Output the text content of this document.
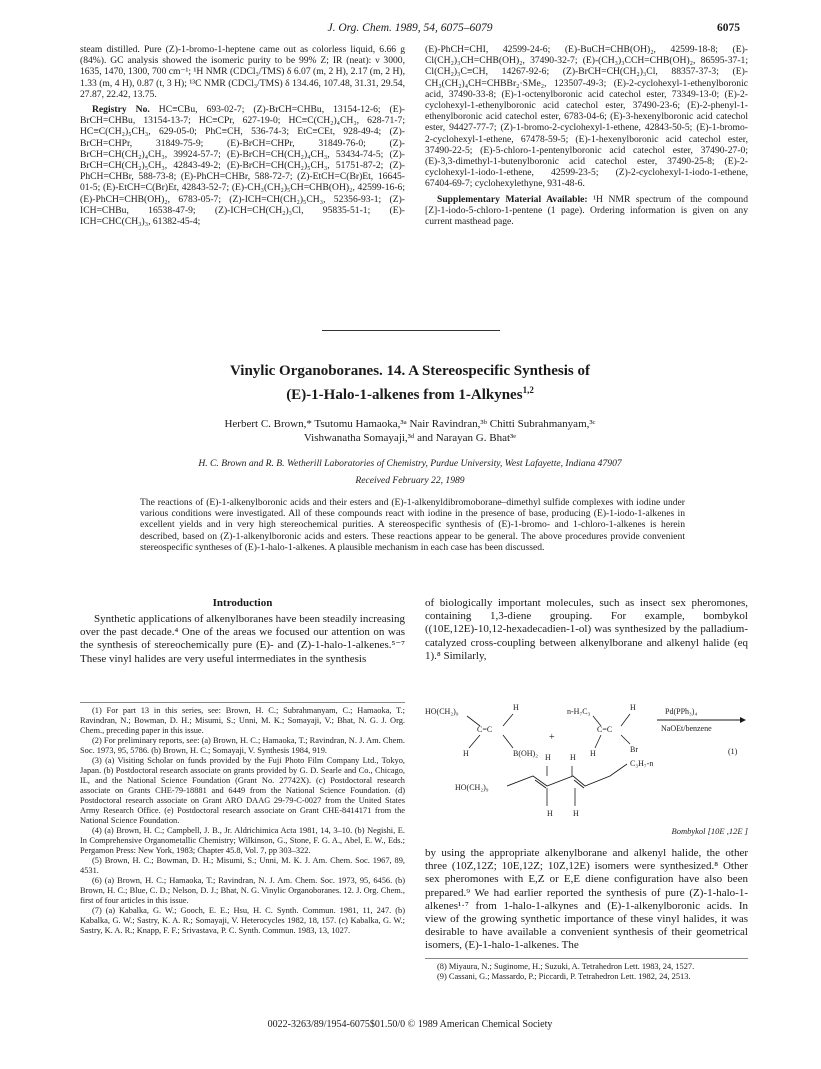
J. Org. Chem. 1989, 54, 6075–6079	6075

steam distilled. Pure (Z)-1-bromo-1-heptene came out as colorless liquid, 6.66 g (84%). GC analysis showed the isomeric purity to be 99% Z; IR (neat): ν 3000, 1635, 1470, 1300, 700 cm⁻¹; ¹H NMR (CDCl₃/TMS) δ 6.07 (m, 2 H), 2.17 (m, 2 H), 1.33 (m, 4 H), 0.87 (t, 3 H); ¹³C NMR (CDCl₃/TMS) δ 134.46, 107.48, 31.31, 29.54, 27.87, 22.42, 13.75.

Registry No. HC≡CBu, 693-02-7; (Z)-BrCH=CHBu, 13154-12-6; (E)-BrCH=CHBu, 13154-13-7; HC≡CPr, 627-19-0; HC≡C(CH₂)₄CH₃, 628-71-7; HC≡C(CH₂)₅CH₃, 629-05-0; PhC≡CH, 536-74-3; EtC≡CEt, 928-49-4; (Z)-BrCH=CHPr, 31849-75-9; (E)-BrCH=CHPr, 31849-76-0; (Z)-BrCH=CH(CH₂)₄CH₃, 39924-57-7; (E)-BrCH=CH(CH₂)₄CH₃, 53434-74-5; (Z)-BrCH=CH(CH₂)₅CH₃, 42843-49-2; (E)-BrCH=CH(CH₂)₅CH₃, 51751-87-2; (Z)-PhCH=CHBr, 588-73-8; (E)-PhCH=CHBr, 588-72-7; (Z)-EtCH=C(Br)Et, 16645-01-5; (E)-EtCH=C(Br)Et, 42843-52-7; (E)-CH₃(CH₂)₅CH=CHB(OH)₂, 42599-16-6; (E)-PhCH=CHB(OH)₂, 6783-05-7; (Z)-ICH=CH(CH₂)₅CH₃, 52356-93-1; (Z)-ICH=CHBu, 16538-47-9; (Z)-ICH=CH(CH₂)₃Cl, 95835-51-1; (E)-ICH=CHC(CH₃)₃, 61382-45-4;

(E)-PhCH=CHI, 42599-24-6; (E)-BuCH=CHB(OH)₂, 42599-18-8; (E)-Cl(CH₂)₃CH=CHB(OH)₂, 37490-32-7; (E)-(CH₃)₃CCH=CHB(OH)₂, 86595-37-1; Cl(CH₂)₃C≡CH, 14267-92-6; (Z)-BrCH=CH(CH₂)₃Cl, 88357-37-3; (E)-CH₃(CH₂)₄CH=CHBBr₂·SMe₂, 123507-49-3; (E)-2-cyclohexyl-1-ethenylboronic acid, 37490-33-8; (E)-1-octenylboronic acid catechol ester, 73349-13-0; (E)-2-cyclohexyl-1-ethenylboronic acid catechol ester, 37490-23-6; (E)-2-phenyl-1-ethenylboronic acid catechol ester, 6783-04-6; (E)-3-hexenylboronic acid catechol ester, 94427-77-7; (Z)-1-bromo-2-cyclohexyl-1-ethene, 42843-50-5; (E)-1-bromo-2-cyclohexyl-1-ethene, 67478-59-5; (E)-1-hexenylboronic acid catechol ester, 37490-22-5; (E)-5-chloro-1-pentenylboronic acid catechol ester, 37490-27-0; (E)-3,3-dimethyl-1-butenylboronic acid catechol ester, 37490-25-8; (E)-2-cyclohexyl-1-iodo-1-ethene, 42599-23-5; (Z)-2-cyclohexyl-1-iodo-1-ethene, 67404-69-7; cyclohexylethyne, 931-48-6.

Supplementary Material Available: ¹H NMR spectrum of the compound [Z]-1-iodo-5-chloro-1-pentene (1 page). Ordering information is given on any current masthead page.

Vinylic Organoboranes. 14. A Stereospecific Synthesis of
(E)-1-Halo-1-alkenes from 1-Alkynes$^{1,2}$
Herbert C. Brown,* Tsutomu Hamaoka,³ᵃ Nair Ravindran,³ᵇ Chitti Subrahmanyam,³ᶜ
Vishwanatha Somayaji,³ᵈ and Narayan G. Bhat³ᵉ
H. C. Brown and R. B. Wetherill Laboratories of Chemistry, Purdue University, West Lafayette, Indiana 47907
Received February 22, 1989
The reactions of (E)-1-alkenylboronic acids and their esters and (E)-1-alkenyldibromoborane–dimethyl sulfide complexes with iodine under various conditions were investigated. All of these compounds react with iodine in the presence of base, producing (E)-1-iodo-1-alkenes in excellent yields and in very high stereochemical purities. A stereospecific synthesis of (E)-1-bromo- and 1-chloro-1-alkenes is herein described, based on (Z)-1-alkenylboronic acids and esters. These reactions appear to be general. The above procedures provide convenient stereospecific syntheses of (E)-1-halo-1-alkenes. A plausible mechanism in each case has been discussed.
Introduction

Synthetic applications of alkenylboranes have been steadily increasing over the past decade.⁴ One of the areas we focused our attention on was the synthesis of stereochemically pure (E)- and (Z)-1-halo-1-alkenes.⁵⁻⁷ These vinyl halides are very useful intermediates in the synthesis

(1) For part 13 in this series, see: Brown, H. C.; Subrahmanyam, C.; Hamaoka, T.; Ravindran, N.; Bowman, D. H.; Misumi, S.; Unni, M. K.; Somayaji, V.; Bhat, N. G. J. Org. Chem., preceding paper in this issue.

(2) For preliminary reports, see: (a) Brown, H. C.; Hamaoka, T.; Ravindran, N. J. Am. Chem. Soc. 1973, 95, 5786. (b) Brown, H. C.; Somayaji, V. Synthesis 1984, 919.

(3) (a) Visiting Scholar on funds provided by the Fuji Photo Film Company Ltd., Tokyo, Japan. (b) Postdoctoral research associate on grants provided by G. D. Searle and Co., Chicago, IL, and the National Science Foundation (Grant No. 27742X). (c) Postdoctoral research associate on Grants CHE-79-18881 and 6449 from the National Science Foundation. (d) Postdoctoral research associate on Grant ARO DAAG 29-79-C-0027 from the United States Army Research Office. (e) Postdoctoral research associate on Grant CHE-8414171 from the National Science Foundation.

(4) (a) Brown, H. C.; Campbell, J. B., Jr. Aldrichimica Acta 1981, 14, 3–10. (b) Negishi, E. In Comprehensive Organometallic Chemistry; Wilkinson, G., Stone, F. G. A., Abel, E. W., Eds.; Pergamon Press: New York, 1983; Chapter 45.8, Vol. 7, pp 303–322.

(5) Brown, H. C.; Bowman, D. H.; Misumi, S.; Unni, M. K. J. Am. Chem. Soc. 1967, 89, 4531.

(6) (a) Brown, H. C.; Hamaoka, T.; Ravindran, N. J. Am. Chem. Soc. 1973, 95, 6456. (b) Brown, H. C.; Blue, C. D.; Nelson, D. J.; Bhat, N. G. Vinylic Organoboranes. 12. J. Org. Chem., first of four articles in this issue.

(7) (a) Kabalka, G. W.; Gooch, E. E.; Hsu, H. C. Synth. Commun. 1981, 11, 247. (b) Kabalka, G. W.; Sastry, K. A. R.; Somayaji, V. Heterocycles 1982, 18, 157. (c) Kabalka, G. W.; Sastry, K. A. R.; Knapp, F. F.; Srivastava, P. C. Synth. Commun. 1983, 13, 1027.

of biologically important molecules, such as insect sex pheromones, containing 1,3-diene grouping. For example, bombykol ((10E,12E)-10,12-hexadecadien-1-ol) was synthesized by the palladium-catalyzed cross-coupling between alkenylborane and alkenyl halide (eq 1).⁸ Similarly,

HO(CH₂)₉	H
C=C
H	B(OH)₂
+
n-H₇C₃	H
C=C
H	Br
Pd(PPh₃)₄
NaOEt/benzene
(1)
H H
C₃H₇-n
HO(CH₂)₉
H	H
Bombykol [10E ,12E ]

by using the appropriate alkenylborane and alkenyl halide, the other three (10Z,12Z; 10E,12Z; 10Z,12E) isomers were synthesized.⁸ Other sex pheromones with E,Z or E,E diene configuration have also been prepared.⁹ We had earlier reported the synthesis of pure (Z)-1-halo-1-alkenes¹·⁷ from 1-halo-1-alkynes and (E)-1-alkenylboronic acids. In view of the growing synthetic importance of these vinyl halides, it was desirable to have available a convenient synthesis of their geometrical isomers, (E)-1-halo-1-alkenes. The

(8) Miyaura, N.; Suginome, H.; Suzuki, A. Tetrahedron Lett. 1983, 24, 1527.

(9) Cassani, G.; Massardo, P.; Piccardi, P. Tetrahedron Lett. 1982, 24, 2513.

0022-3263/89/1954-6075$01.50/0 © 1989 American Chemical Society
